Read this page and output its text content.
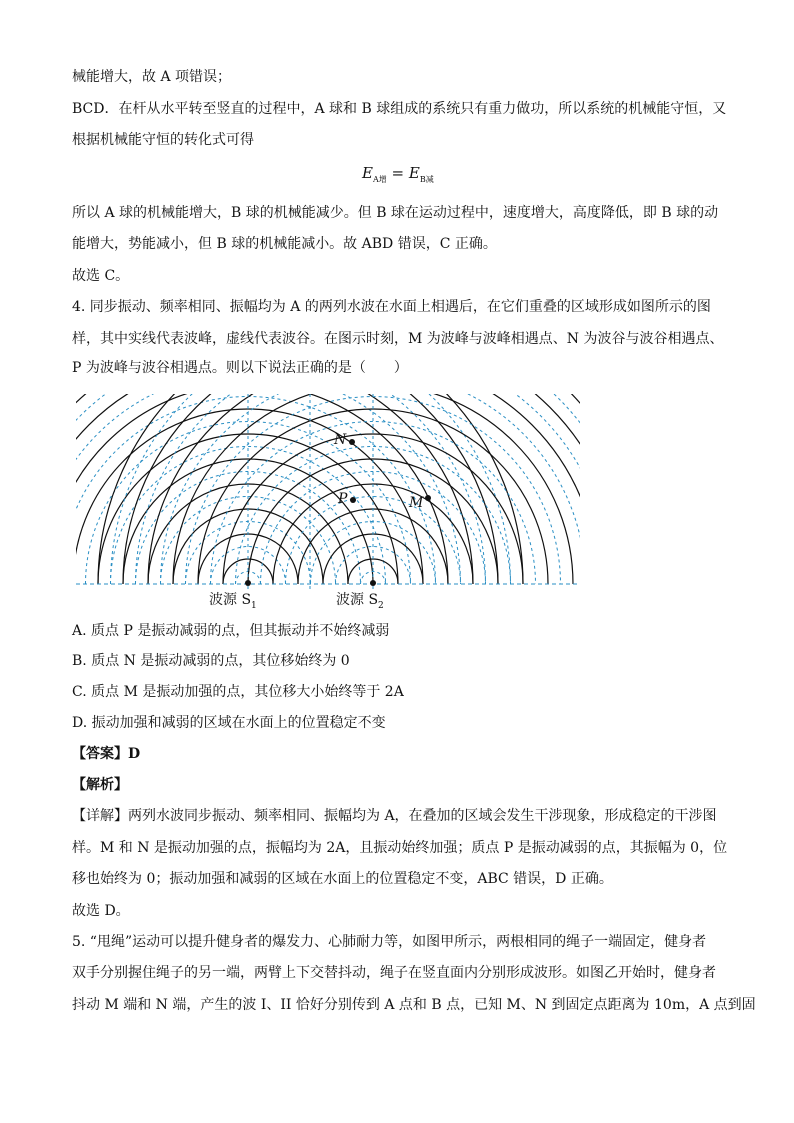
械能增大，故 A 项错误；
BCD．在杆从水平转至竖直的过程中，A 球和 B 球组成的系统只有重力做功，所以系统的机械能守恒，又
根据机械能守恒的转化式可得
$E_{A增} = E_{B减}$
所以 A 球的机械能增大，B 球的机械能减少。但 B 球在运动过程中，速度增大，高度降低，即 B 球的动
能增大，势能减小，但 B 球的机械能减小。故 ABD 错误，C 正确。
故选 C。
4. 同步振动、频率相同、振幅均为 A 的两列水波在水面上相遇后，在它们重叠的区域形成如图所示的图
样，其中实线代表波峰，虚线代表波谷。在图示时刻，M 为波峰与波峰相遇点、N 为波谷与波谷相遇点、
P 为波峰与波谷相遇点。则以下说法正确的是（　　）
N
P	M
波源 $S_1$	波源 $S_2$
A. 质点 P 是振动减弱的点，但其振动并不始终减弱
B. 质点 N 是振动减弱的点，其位移始终为 0
C. 质点 M 是振动加强的点，其位移大小始终等于 2A
D. 振动加强和减弱的区域在水面上的位置稳定不变
【答案】D
【解析】
【详解】两列水波同步振动、频率相同、振幅均为 A，在叠加的区域会发生干涉现象，形成稳定的干涉图
样。M 和 N 是振动加强的点，振幅均为 2A，且振动始终加强；质点 P 是振动减弱的点，其振幅为 0，位
移也始终为 0；振动加强和减弱的区域在水面上的位置稳定不变，ABC 错误，D 正确。
故选 D。
5. “甩绳”运动可以提升健身者的爆发力、心肺耐力等，如图甲所示，两根相同的绳子一端固定，健身者
双手分别握住绳子的另一端，两臂上下交替抖动，绳子在竖直面内分别形成波形。如图乙开始时，健身者
抖动 M 端和 N 端，产生的波 I、II 恰好分别传到 A 点和 B 点，已知 M、N 到固定点距离为 10m，A 点到固
